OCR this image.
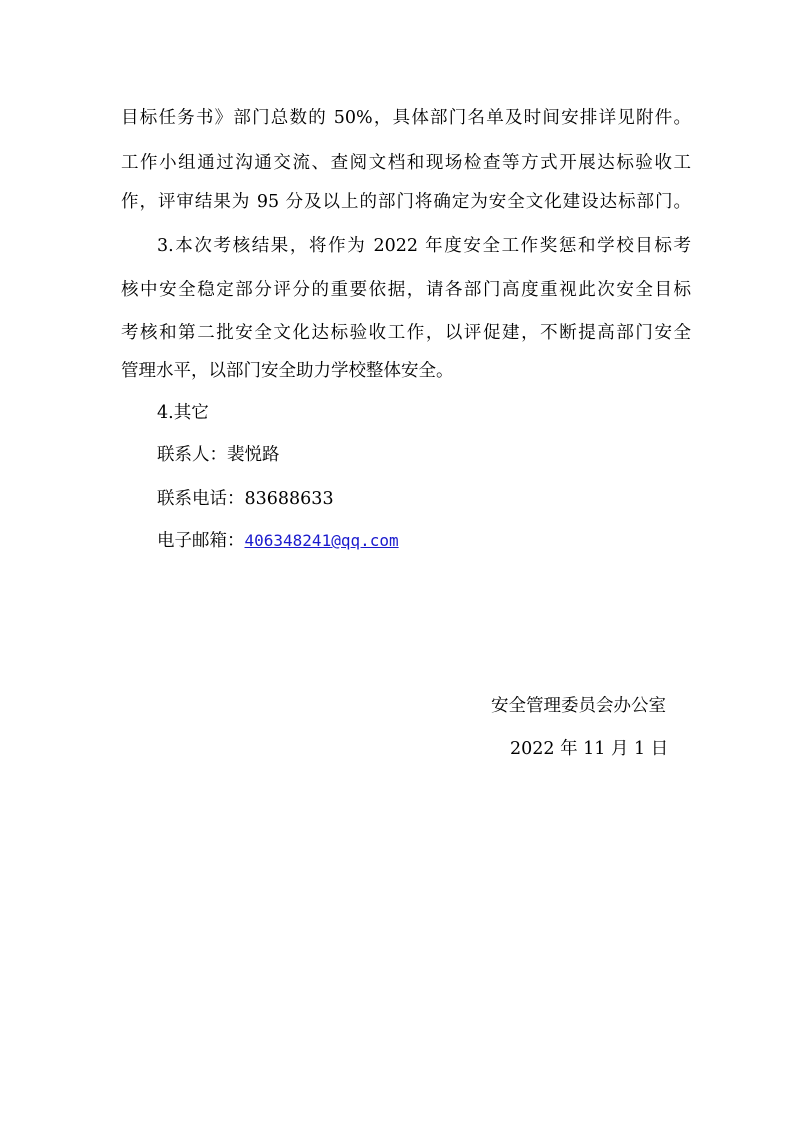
目标任务书》部门总数的 50%，具体部门名单及时间安排详见附件。
工作小组通过沟通交流、查阅文档和现场检查等方式开展达标验收工
作，评审结果为 95 分及以上的部门将确定为安全文化建设达标部门。
3.本次考核结果，将作为 2022 年度安全工作奖惩和学校目标考
核中安全稳定部分评分的重要依据，请各部门高度重视此次安全目标
考核和第二批安全文化达标验收工作，以评促建，不断提高部门安全
管理水平，以部门安全助力学校整体安全。
4.其它
联系人：裴悦路
联系电话：83688633
电子邮箱：406348241@qq.com
安全管理委员会办公室
2022 年 11 月 1 日
